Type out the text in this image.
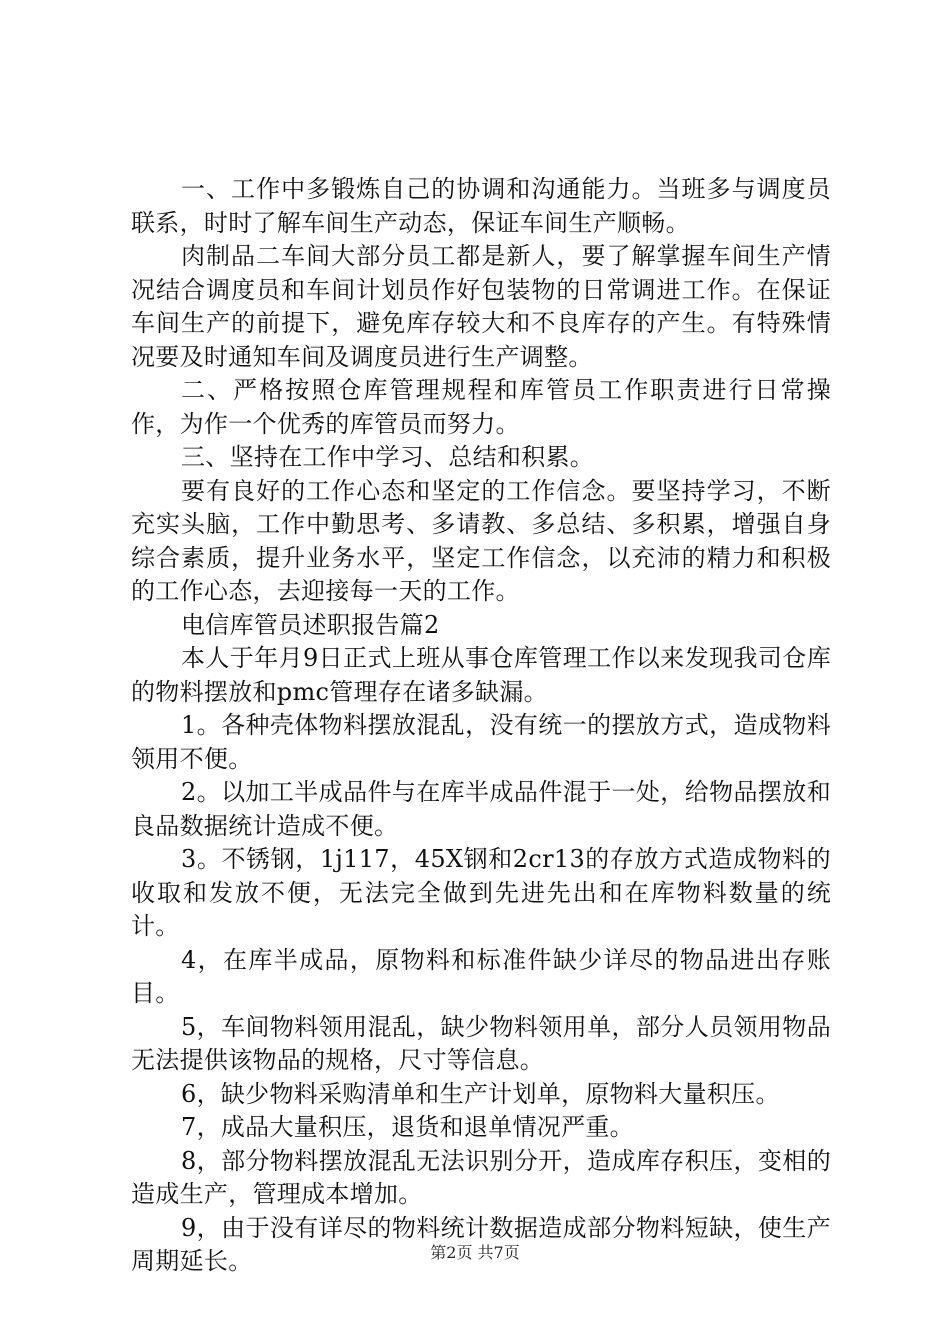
一、工作中多锻炼自己的协调和沟通能力。当班多与调度员联系，时时了解车间生产动态，保证车间生产顺畅。

肉制品二车间大部分员工都是新人，要了解掌握车间生产情况结合调度员和车间计划员作好包装物的日常调进工作。在保证车间生产的前提下，避免库存较大和不良库存的产生。有特殊情况要及时通知车间及调度员进行生产调整。

二、严格按照仓库管理规程和库管员工作职责进行日常操作，为作一个优秀的库管员而努力。

三、坚持在工作中学习、总结和积累。

要有良好的工作心态和坚定的工作信念。要坚持学习，不断充实头脑，工作中勤思考、多请教、多总结、多积累，增强自身综合素质，提升业务水平，坚定工作信念，以充沛的精力和积极的工作心态，去迎接每一天的工作。

电信库管员述职报告篇2

本人于年月9日正式上班从事仓库管理工作以来发现我司仓库的物料摆放和pmc管理存在诸多缺漏。

1。各种壳体物料摆放混乱，没有统一的摆放方式，造成物料领用不便。

2。以加工半成品件与在库半成品件混于一处，给物品摆放和良品数据统计造成不便。

3。不锈钢，1j117，45X钢和2cr13的存放方式造成物料的收取和发放不便，无法完全做到先进先出和在库物料数量的统计。

4，在库半成品，原物料和标准件缺少详尽的物品进出存账目。

5，车间物料领用混乱，缺少物料领用单，部分人员领用物品无法提供该物品的规格，尺寸等信息。

6，缺少物料采购清单和生产计划单，原物料大量积压。

7，成品大量积压，退货和退单情况严重。

8，部分物料摆放混乱无法识别分开，造成库存积压，变相的造成生产，管理成本增加。

9，由于没有详尽的物料统计数据造成部分物料短缺，使生产周期延长。	第2页 共7页
